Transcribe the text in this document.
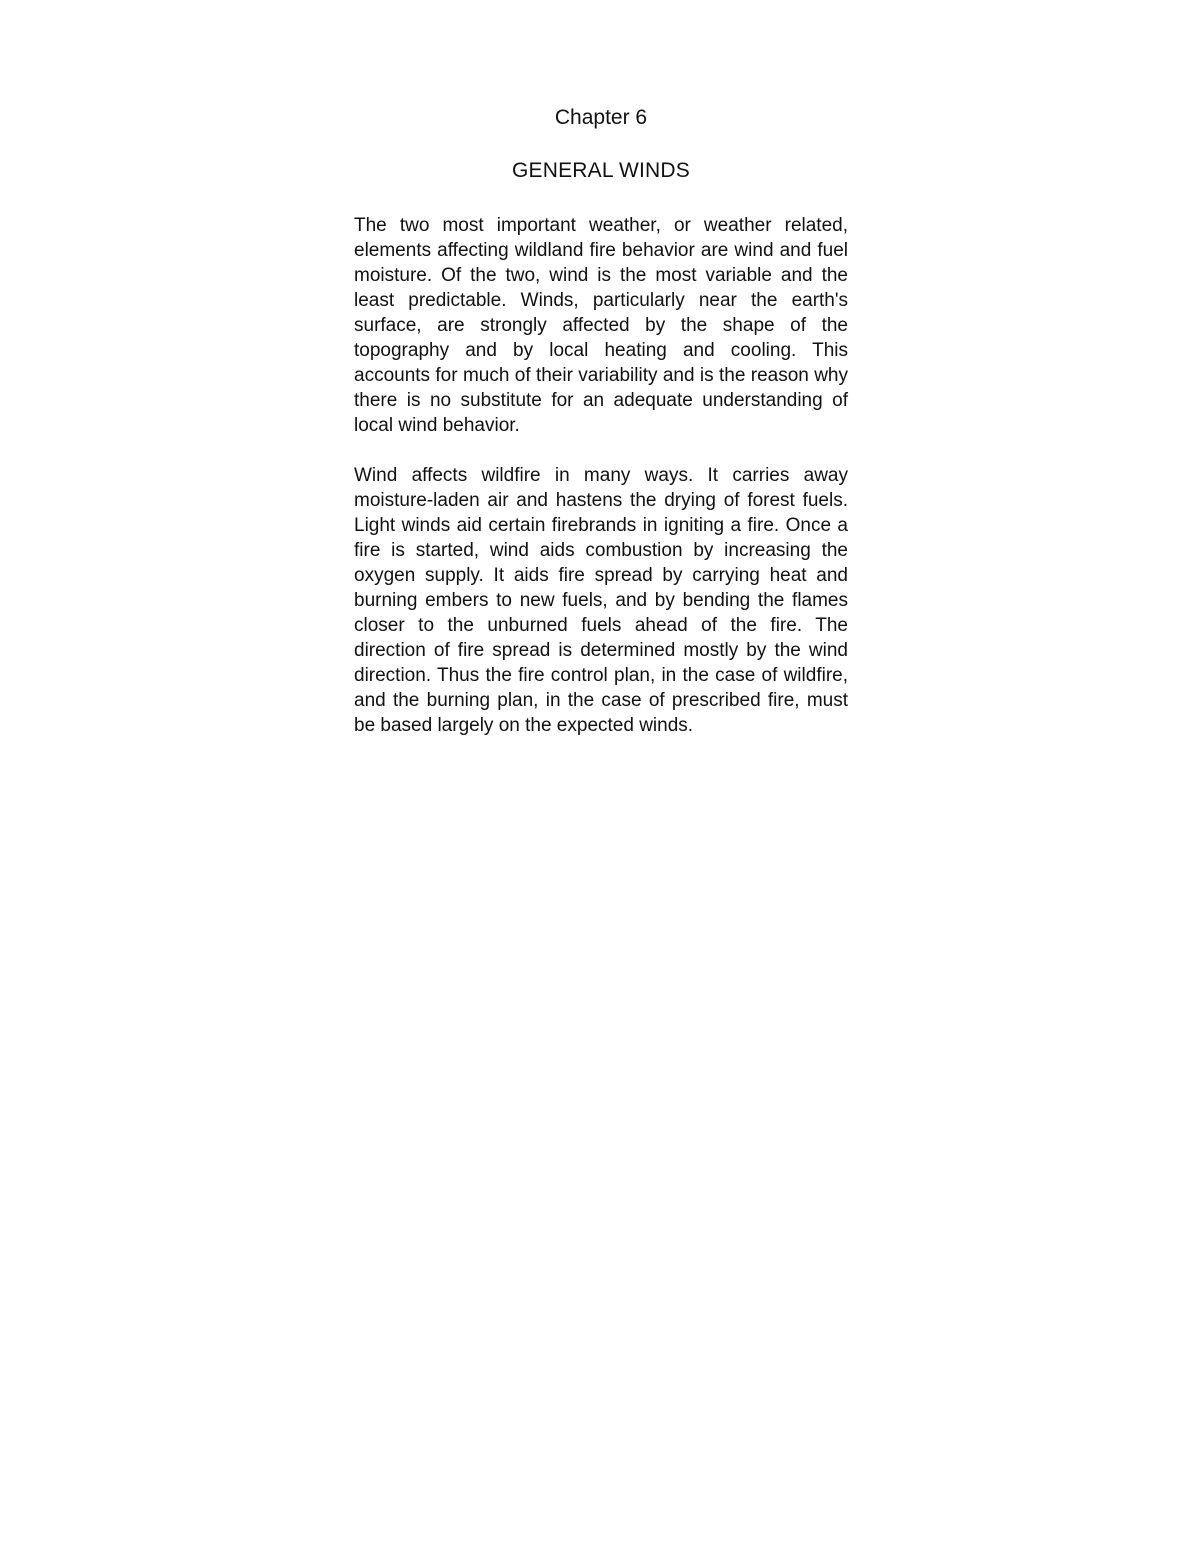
Chapter 6
GENERAL WINDS

The two most important weather, or weather related, elements affecting wildland fire behavior are wind and fuel moisture. Of the two, wind is the most variable and the least predictable. Winds, particularly near the earth's surface, are strongly affected by the shape of the topography and by local heating and cooling. This accounts for much of their variability and is the reason why there is no substitute for an adequate understanding of local wind behavior.

Wind affects wildfire in many ways. It carries away moisture-laden air and hastens the drying of forest fuels. Light winds aid certain firebrands in igniting a fire. Once a fire is started, wind aids combustion by increasing the oxygen supply. It aids fire spread by carrying heat and burning embers to new fuels, and by bending the flames closer to the unburned fuels ahead of the fire. The direction of fire spread is determined mostly by the wind direction. Thus the fire control plan, in the case of wildfire, and the burning plan, in the case of prescribed fire, must be based largely on the expected winds.
